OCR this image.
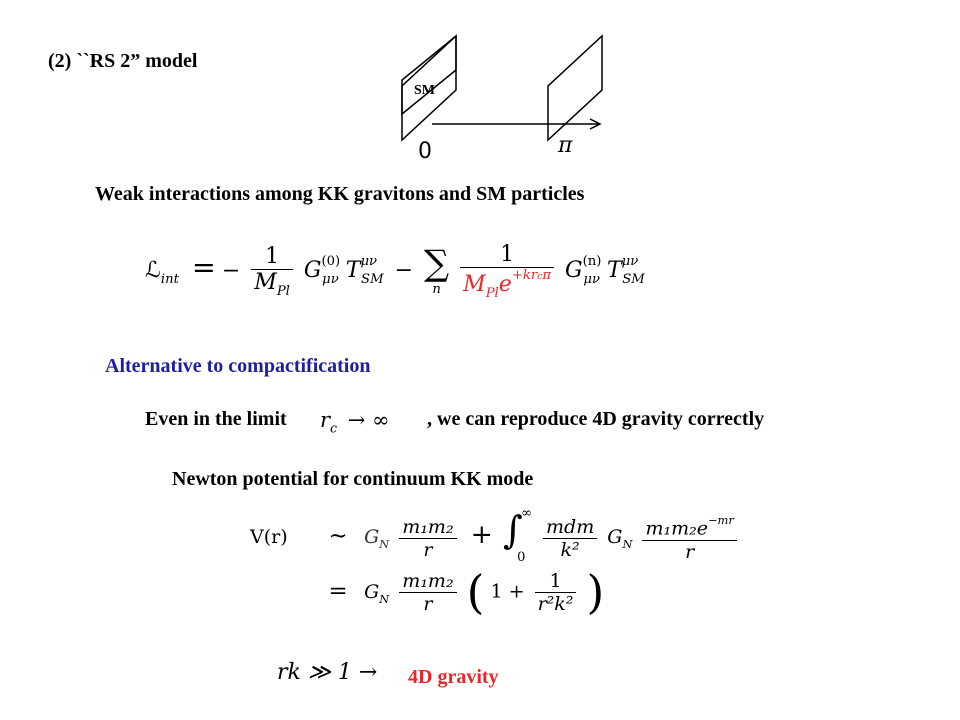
(2) ``RS 2” model
SM
0	π
Weak interactions among KK gravitons and SM particles
ℒ$_{int}$ = − $\frac{1}{M_{Pl}} G^{(0)}_{\mu\nu}$ $T^{\mu\nu}_{SM}$ − ∑
n
$\frac{1}{M_{Pl}e^{+krc\pi}} G^{(n)}_{\mu\nu}$ $T^{\mu\nu}_{SM}$
Alternative to compactification
Even in the limit $r_c$ → ∞ , we can reproduce 4D gravity correctly
Newton potential for continuum KK mode
V(r) ∼ $G_N \frac{\text{m₁m₂}}{r}$ + ∫
∞
0
$\frac{\text{mdm}}{\text{k²}} G_N \frac{m_1m_2e^{-mr}}{r}$
= $G_N \frac{\text{m₁m₂}}{r}$ ( $1 + \frac{1}{\text{r²k²}}$ )
rk ≫ 1 → 4D gravity
